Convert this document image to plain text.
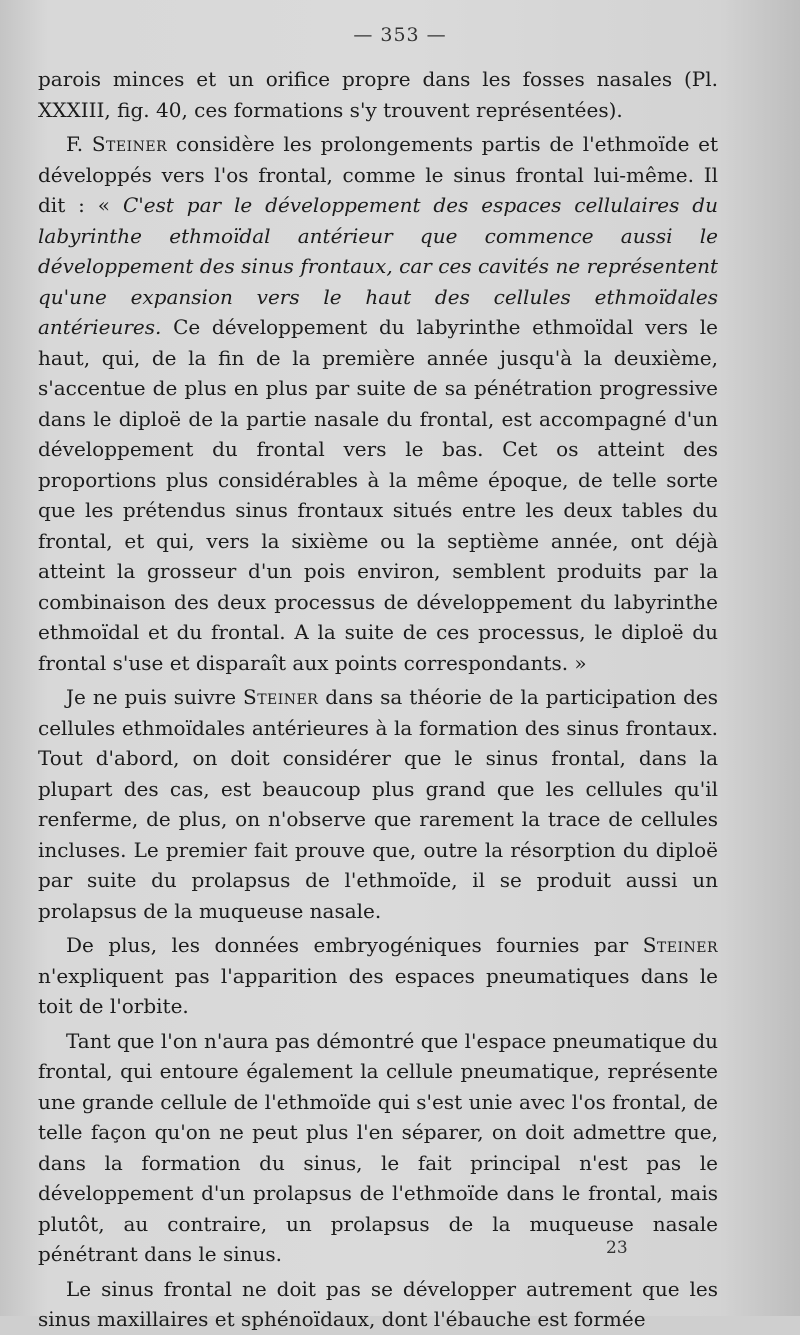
— 353 —

parois minces et un orifice propre dans les fosses nasales (Pl. XXXIII, fig. 40, ces formations s'y trouvent représentées).

F. Steiner considère les prolongements partis de l'ethmoïde et développés vers l'os frontal, comme le sinus frontal lui-même. Il dit : « C'est par le développement des espaces cellulaires du labyrinthe ethmoïdal antérieur que commence aussi le développement des sinus frontaux, car ces cavités ne représentent qu'une expansion vers le haut des cellules ethmoïdales antérieures. Ce développement du labyrinthe ethmoïdal vers le haut, qui, de la fin de la première année jusqu'à la deuxième, s'accentue de plus en plus par suite de sa pénétration progressive dans le diploë de la partie nasale du frontal, est accompagné d'un développement du frontal vers le bas. Cet os atteint des proportions plus considérables à la même époque, de telle sorte que les prétendus sinus frontaux situés entre les deux tables du frontal, et qui, vers la sixième ou la septième année, ont déjà atteint la grosseur d'un pois environ, semblent produits par la combinaison des deux processus de développement du labyrinthe ethmoïdal et du frontal. A la suite de ces processus, le diploë du frontal s'use et disparaît aux points correspondants. »

Je ne puis suivre Steiner dans sa théorie de la participation des cellules ethmoïdales antérieures à la formation des sinus frontaux. Tout d'abord, on doit considérer que le sinus frontal, dans la plupart des cas, est beaucoup plus grand que les cellules qu'il renferme, de plus, on n'observe que rarement la trace de cellules incluses. Le premier fait prouve que, outre la résorption du diploë par suite du prolapsus de l'ethmoïde, il se produit aussi un prolapsus de la muqueuse nasale.

De plus, les données embryogéniques fournies par Steiner n'expliquent pas l'apparition des espaces pneumatiques dans le toit de l'orbite.

Tant que l'on n'aura pas démontré que l'espace pneumatique du frontal, qui entoure également la cellule pneumatique, représente une grande cellule de l'ethmoïde qui s'est unie avec l'os frontal, de telle façon qu'on ne peut plus l'en séparer, on doit admettre que, dans la formation du sinus, le fait principal n'est pas le développement d'un prolapsus de l'ethmoïde dans le frontal, mais plutôt, au contraire, un prolapsus de la muqueuse nasale pénétrant dans le sinus.

Le sinus frontal ne doit pas se développer autrement que les sinus maxillaires et sphénoïdaux, dont l'ébauche est formée

23
